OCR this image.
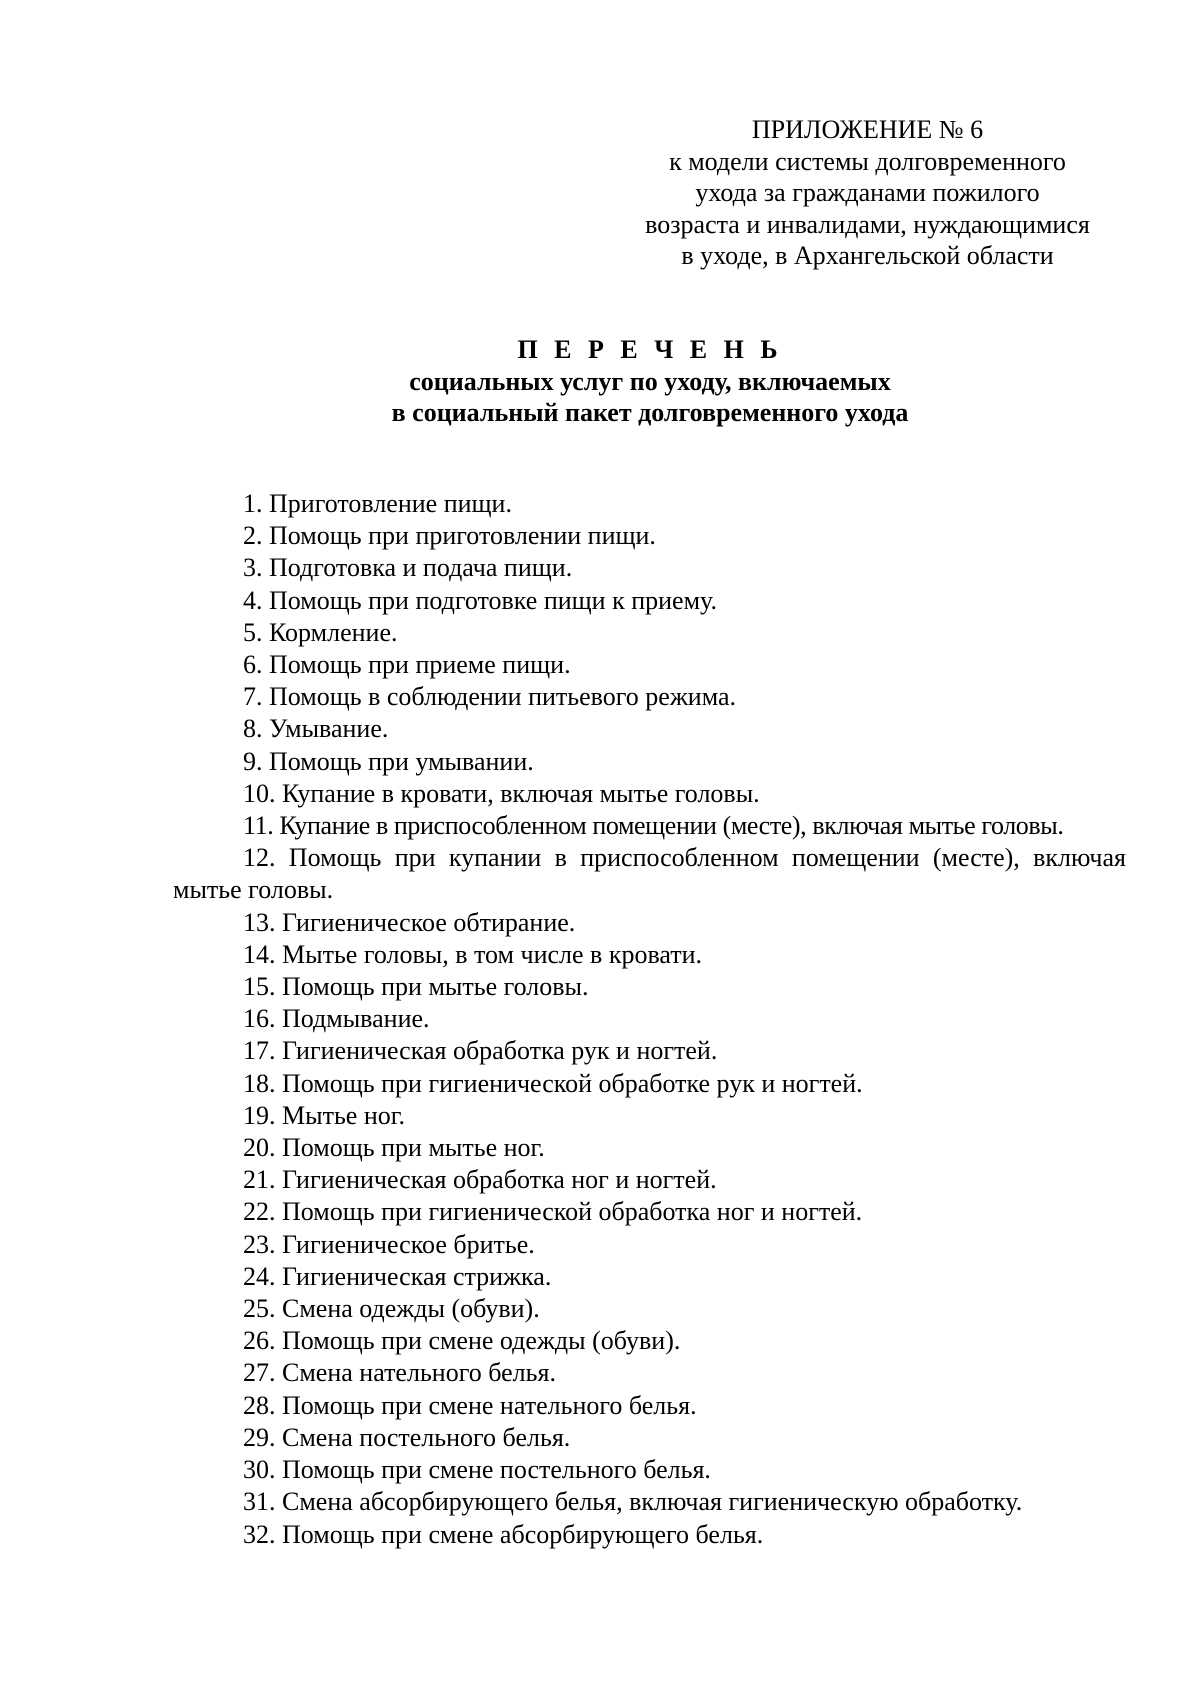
ПРИЛОЖЕНИЕ № 6
к модели системы долговременного
ухода за гражданами пожилого
возраста и инвалидами, нуждающимися
в уходе, в Архангельской области
П Е Р Е Ч Е Н Ь
социальных услуг по уходу, включаемых
в социальный пакет долговременного ухода
1. Приготовление пищи.
2. Помощь при приготовлении пищи.
3. Подготовка и подача пищи.
4. Помощь при подготовке пищи к приему.
5. Кормление.
6. Помощь при приеме пищи.
7. Помощь в соблюдении питьевого режима.
8. Умывание.
9. Помощь при умывании.
10. Купание в кровати, включая мытье головы.
11. Купание в приспособленном помещении (месте), включая мытье головы.
12. Помощь при купании в приспособленном помещении (месте), включая мытье головы.
13. Гигиеническое обтирание.
14. Мытье головы, в том числе в кровати.
15. Помощь при мытье головы.
16. Подмывание.
17. Гигиеническая обработка рук и ногтей.
18. Помощь при гигиенической обработке рук и ногтей.
19. Мытье ног.
20. Помощь при мытье ног.
21. Гигиеническая обработка ног и ногтей.
22. Помощь при гигиенической обработка ног и ногтей.
23. Гигиеническое бритье.
24. Гигиеническая стрижка.
25. Смена одежды (обуви).
26. Помощь при смене одежды (обуви).
27. Смена нательного белья.
28. Помощь при смене нательного белья.
29. Смена постельного белья.
30. Помощь при смене постельного белья.
31. Смена абсорбирующего белья, включая гигиеническую обработку.
32. Помощь при смене абсорбирующего белья.
